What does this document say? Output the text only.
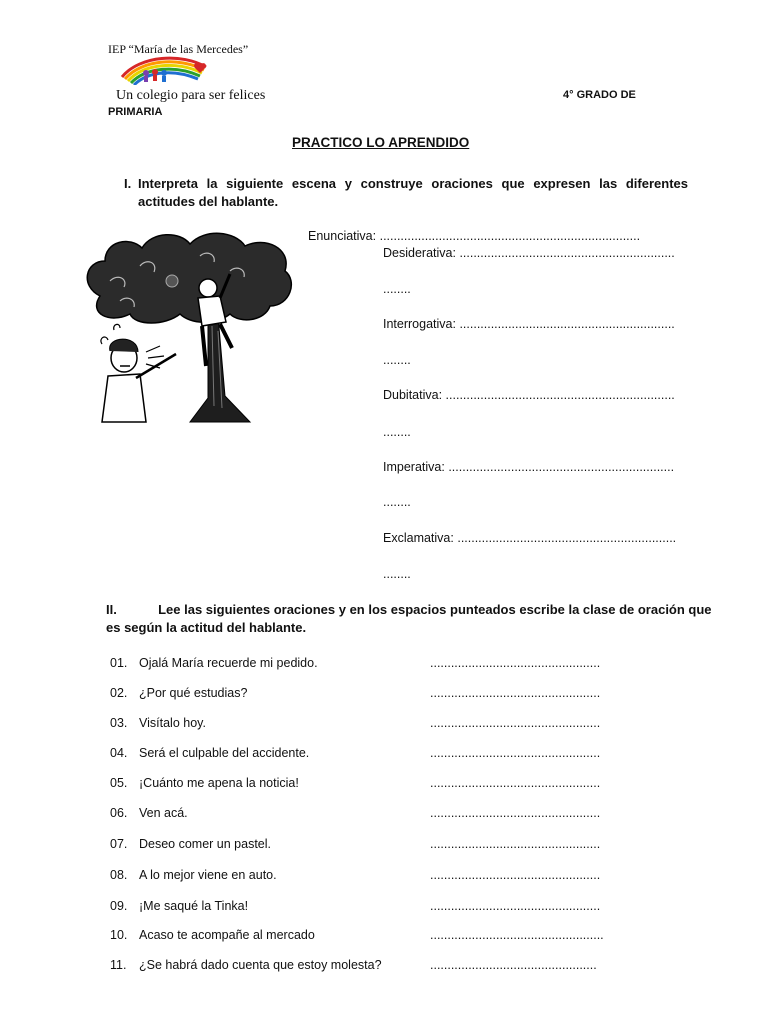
IEP “María de las Mercedes”
Un colegio para ser felices	4° GRADO DE
PRIMARIA
PRACTICO LO APRENDIDO
I. Interpreta la siguiente escena y construye oraciones que expresen las diferentes actitudes del hablante.
Enunciativa: ...........................................................................
Desiderativa: ..............................................................
........
Interrogativa: ..............................................................
........
Dubitativa: ..................................................................
........
Imperativa: .................................................................
........
Exclamativa: ...............................................................
........
II.	Lee las siguientes oraciones y en los espacios punteados escribe la clase de oración que es según la actitud del hablante.
01. Ojalá María recuerde mi pedido.	.................................................
02. ¿Por qué estudias?	.................................................
03. Visítalo hoy.	.................................................
04. Será el culpable del accidente.	.................................................
05. ¡Cuánto me apena la noticia!	.................................................
06. Ven acá.	.................................................
07. Deseo comer un pastel.	.................................................
08. A lo mejor viene en auto.	.................................................
09. ¡Me saqué la Tinka!	.................................................
10. Acaso te acompañe al mercado	..................................................
11. ¿Se habrá dado cuenta que estoy molesta?	................................................
